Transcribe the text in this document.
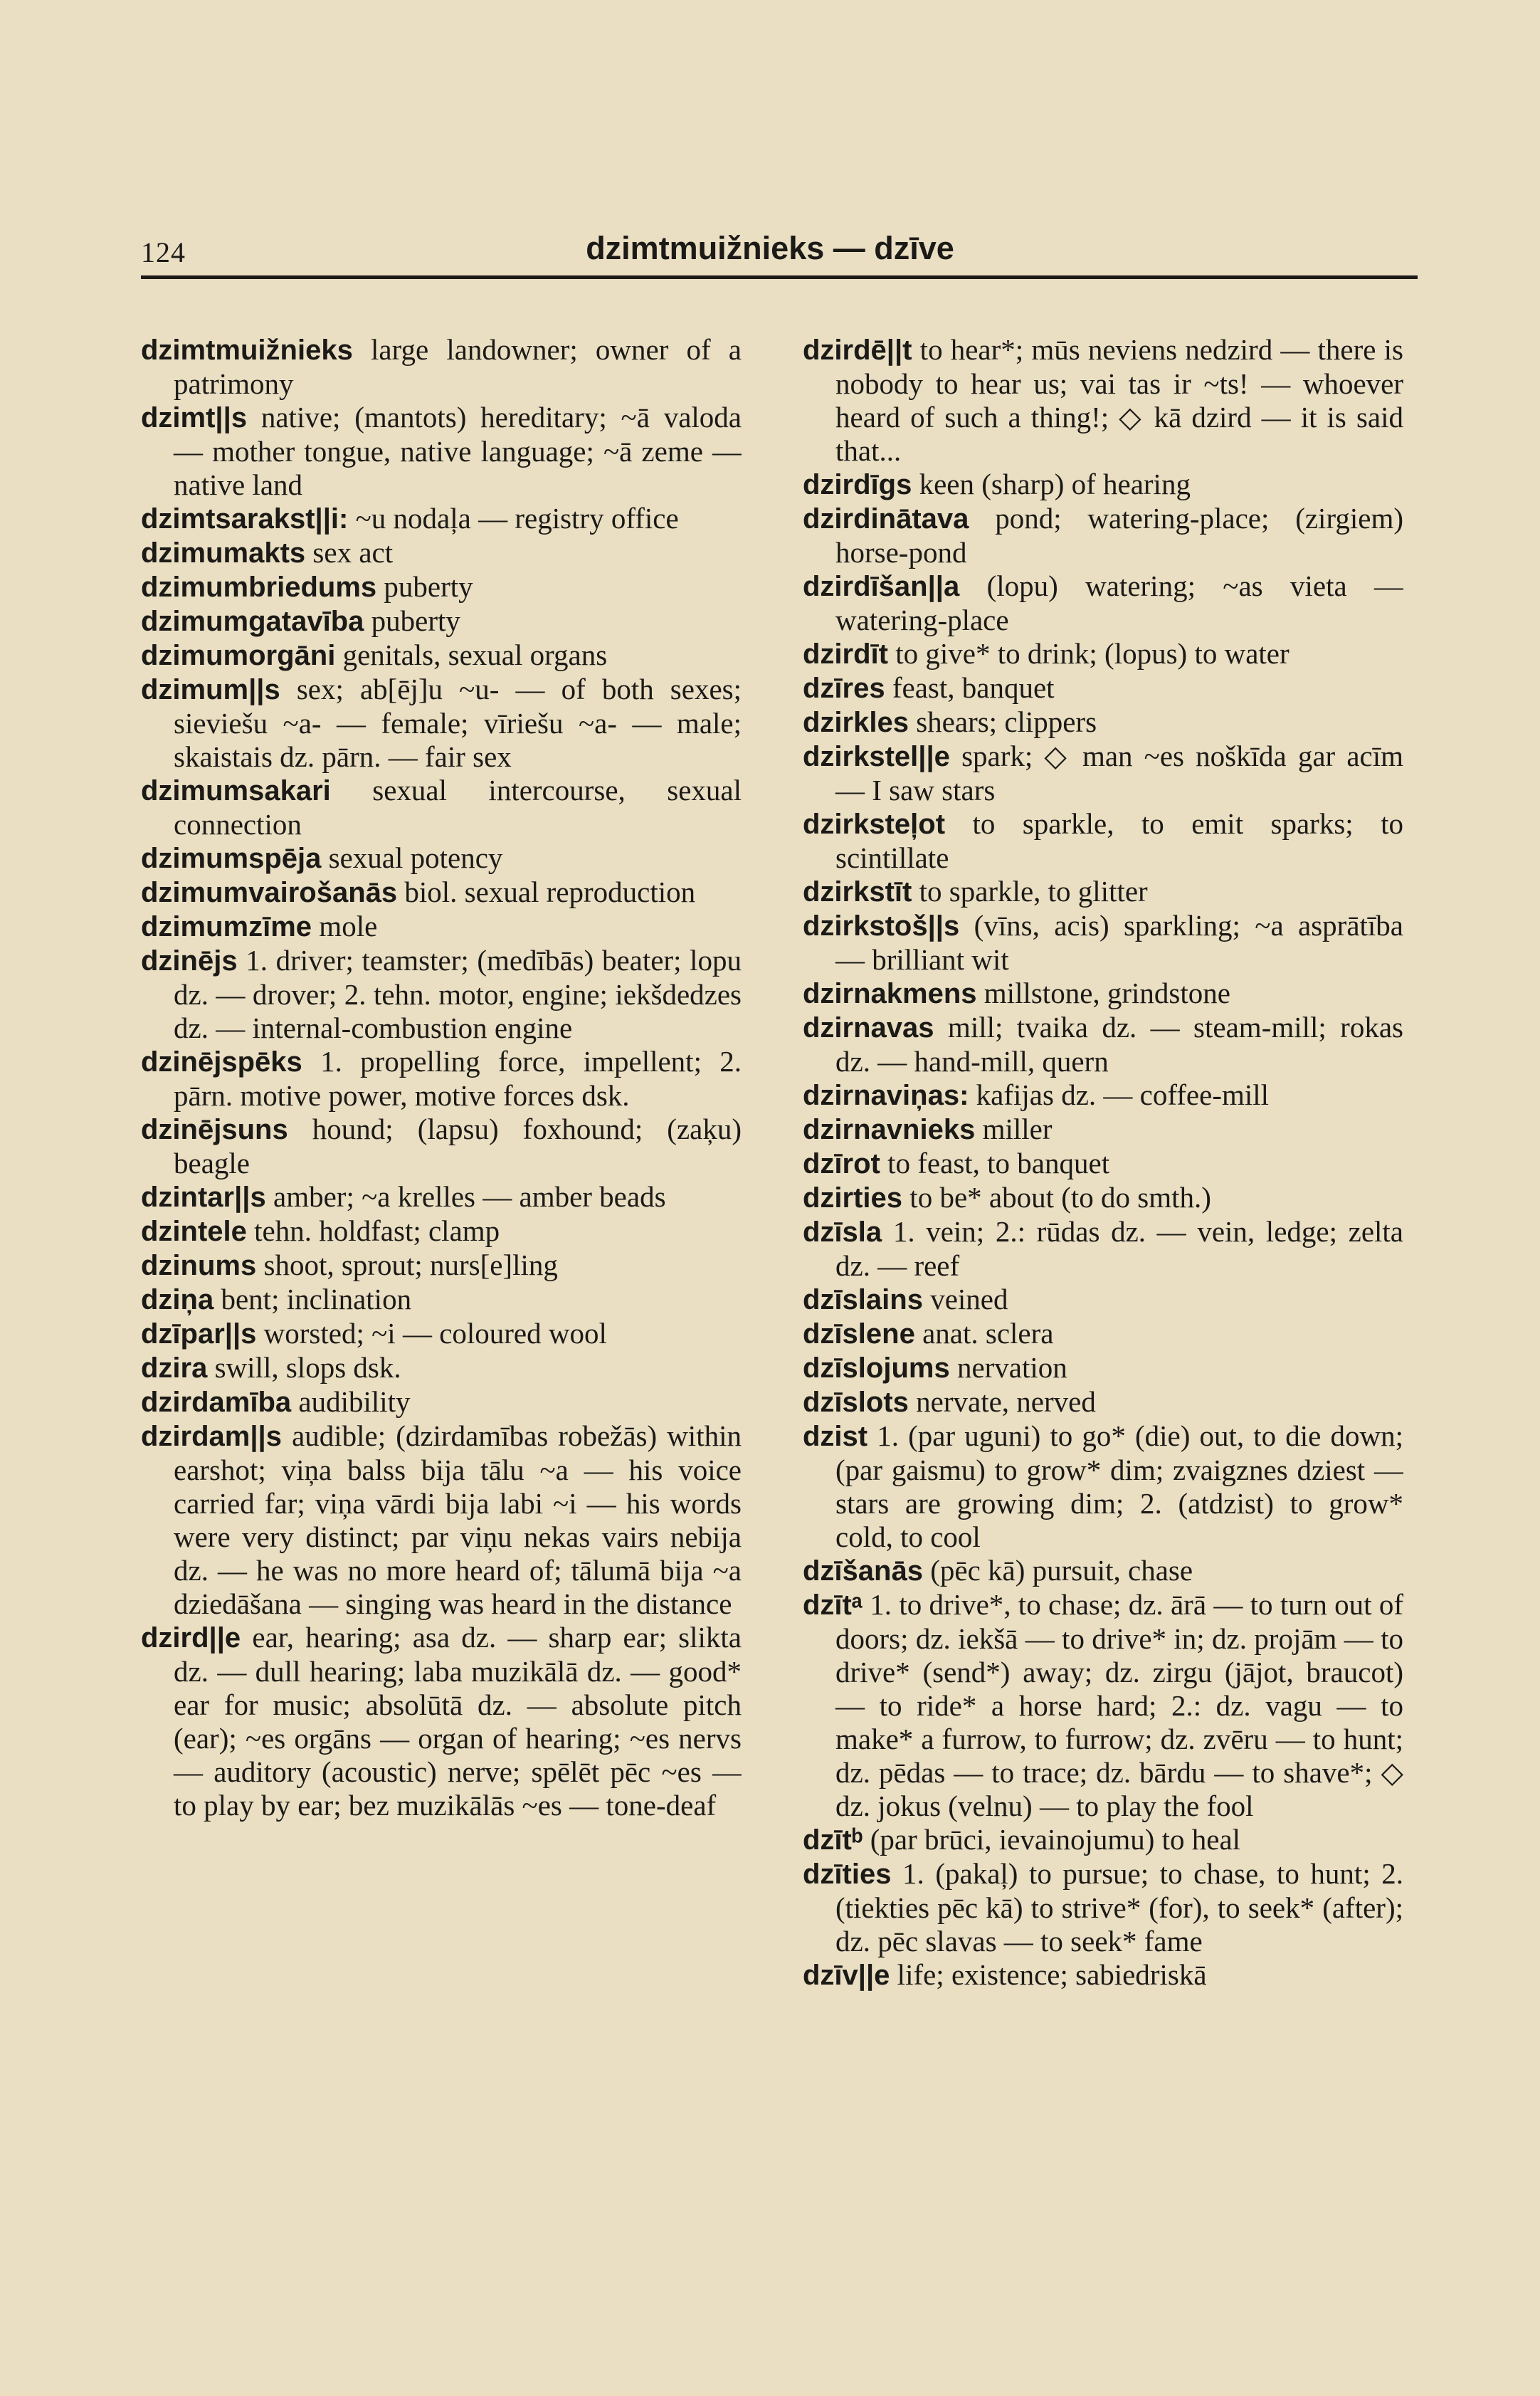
124	dzimtmuižnieks — dzīve

dzimtmuižnieks large landowner; owner of a patrimony

dzimt||s native; (mantots) hereditary; ~ā valoda — mother tongue, native language; ~ā zeme — native land

dzimtsarakst||i: ~u nodaļa — registry office

dzimumakts sex act

dzimumbriedums puberty

dzimumgatavība puberty

dzimumorgāni genitals, sexual organs

dzimum||s sex; ab[ēj]u ~u- — of both sexes; sieviešu ~a- — female; vīriešu ~a- — male; skaistais dz. pārn. — fair sex

dzimumsakari sexual intercourse, sexual connection

dzimumspēja sexual potency

dzimumvairošanās biol. sexual reproduction

dzimumzīme mole

dzinējs 1. driver; teamster; (medībās) beater; lopu dz. — drover; 2. tehn. motor, engine; iekšdedzes dz. — internal-combustion engine

dzinējspēks 1. propelling force, impellent; 2. pārn. motive power, motive forces dsk.

dzinējsuns hound; (lapsu) foxhound; (zaķu) beagle

dzintar||s amber; ~a krelles — amber beads

dzintele tehn. holdfast; clamp

dzinums shoot, sprout; nurs[e]ling

dziņa bent; inclination

dzīpar||s worsted; ~i — coloured wool

dzira swill, slops dsk.

dzirdamība audibility

dzirdam||s audible; (dzirdamības robežās) within earshot; viņa balss bija tālu ~a — his voice carried far; viņa vārdi bija labi ~i — his words were very distinct; par viņu nekas vairs nebija dz. — he was no more heard of; tālumā bija ~a dziedāšana — singing was heard in the distance

dzird||e ear, hearing; asa dz. — sharp ear; slikta dz. — dull hearing; laba muzikālā dz. — good* ear for music; absolūtā dz. — absolute pitch (ear); ~es orgāns — organ of hearing; ~es nervs — auditory (acoustic) nerve; spēlēt pēc ~es — to play by ear; bez muzikālās ~es — tone-deaf

dzirdē||t to hear*; mūs neviens nedzird — there is nobody to hear us; vai tas ir ~ts! — whoever heard of such a thing!; ◇ kā dzird — it is said that...

dzirdīgs keen (sharp) of hearing

dzirdinātava pond; watering-place; (zirgiem) horse-pond

dzirdīšan||a (lopu) watering; ~as vieta — watering-place

dzirdīt to give* to drink; (lopus) to water

dzīres feast, banquet

dzirkles shears; clippers

dzirkstel||e spark; ◇ man ~es noškīda gar acīm — I saw stars

dzirksteļot to sparkle, to emit sparks; to scintillate

dzirkstīt to sparkle, to glitter

dzirkstoš||s (vīns, acis) sparkling; ~a asprātība — brilliant wit

dzirnakmens millstone, grindstone

dzirnavas mill; tvaika dz. — steam-mill; rokas dz. — hand-mill, quern

dzirnaviņas: kafijas dz. — coffee-mill

dzirnavnieks miller

dzīrot to feast, to banquet

dzirties to be* about (to do smth.)

dzīsla 1. vein; 2.: rūdas dz. — vein, ledge; zelta dz. — reef

dzīslains veined

dzīslene anat. sclera

dzīslojums nervation

dzīslots nervate, nerved

dzist 1. (par uguni) to go* (die) out, to die down; (par gaismu) to grow* dim; zvaigznes dziest — stars are growing dim; 2. (atdzist) to grow* cold, to cool

dzīšanās (pēc kā) pursuit, chase

dzītᵃ 1. to drive*, to chase; dz. ārā — to turn out of doors; dz. iekšā — to drive* in; dz. projām — to drive* (send*) away; dz. zirgu (jājot, braucot) — to ride* a horse hard; 2.: dz. vagu — to make* a furrow, to furrow; dz. zvēru — to hunt; dz. pēdas — to trace; dz. bārdu — to shave*; ◇ dz. jokus (velnu) — to play the fool

dzītᵇ (par brūci, ievainojumu) to heal

dzīties 1. (pakaļ) to pursue; to chase, to hunt; 2. (tiekties pēc kā) to strive* (for), to seek* (after); dz. pēc slavas — to seek* fame

dzīv||e life; existence; sabiedriskā
